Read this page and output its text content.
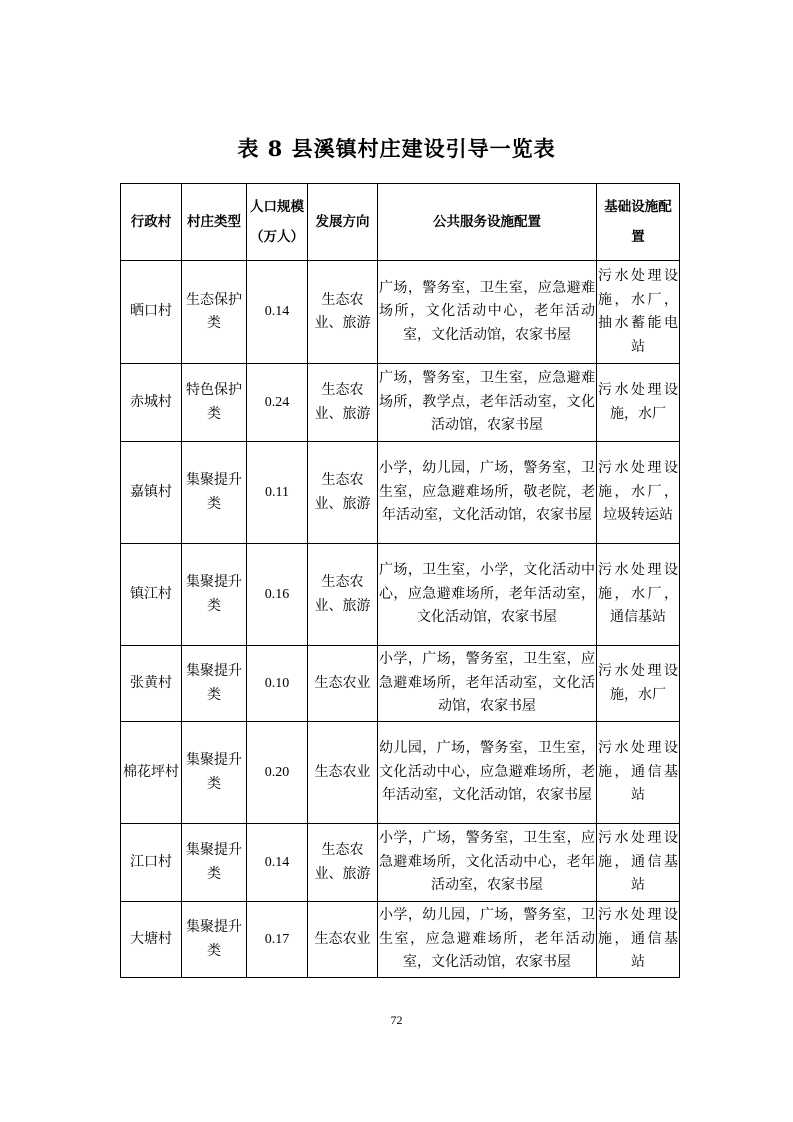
表 8 县溪镇村庄建设引导一览表
行政村	村庄类型	人口规模（万人）	发展方向	公共服务设施配置	基础设施配置
晒口村	生态保护类	0.14	生态农业、旅游	广场，警务室，卫生室，应急避难场所，文化活动中心，老年活动室，文化活动馆，农家书屋	污水处理设施，水厂，抽水蓄能电站
赤城村	特色保护类	0.24	生态农业、旅游	广场，警务室，卫生室，应急避难场所，教学点，老年活动室，文化活动馆，农家书屋	污水处理设施，水厂
嘉镇村	集聚提升类	0.11	生态农业、旅游	小学，幼儿园，广场，警务室，卫生室，应急避难场所，敬老院，老年活动室，文化活动馆，农家书屋	污水处理设施，水厂，垃圾转运站
镇江村	集聚提升类	0.16	生态农业、旅游	广场，卫生室，小学，文化活动中心，应急避难场所，老年活动室，文化活动馆，农家书屋	污水处理设施，水厂，通信基站
张黄村	集聚提升类	0.10	生态农业	小学，广场，警务室，卫生室，应急避难场所，老年活动室，文化活动馆，农家书屋	污水处理设施，水厂
棉花坪村	集聚提升类	0.20	生态农业	幼儿园，广场，警务室，卫生室，文化活动中心，应急避难场所，老年活动室，文化活动馆，农家书屋	污水处理设施，通信基站
江口村	集聚提升类	0.14	生态农业、旅游	小学，广场，警务室，卫生室，应急避难场所，文化活动中心，老年活动室，农家书屋	污水处理设施，通信基站
大塘村	集聚提升类	0.17	生态农业	小学，幼儿园，广场，警务室，卫生室，应急避难场所，老年活动室，文化活动馆，农家书屋	污水处理设施，通信基站
72
